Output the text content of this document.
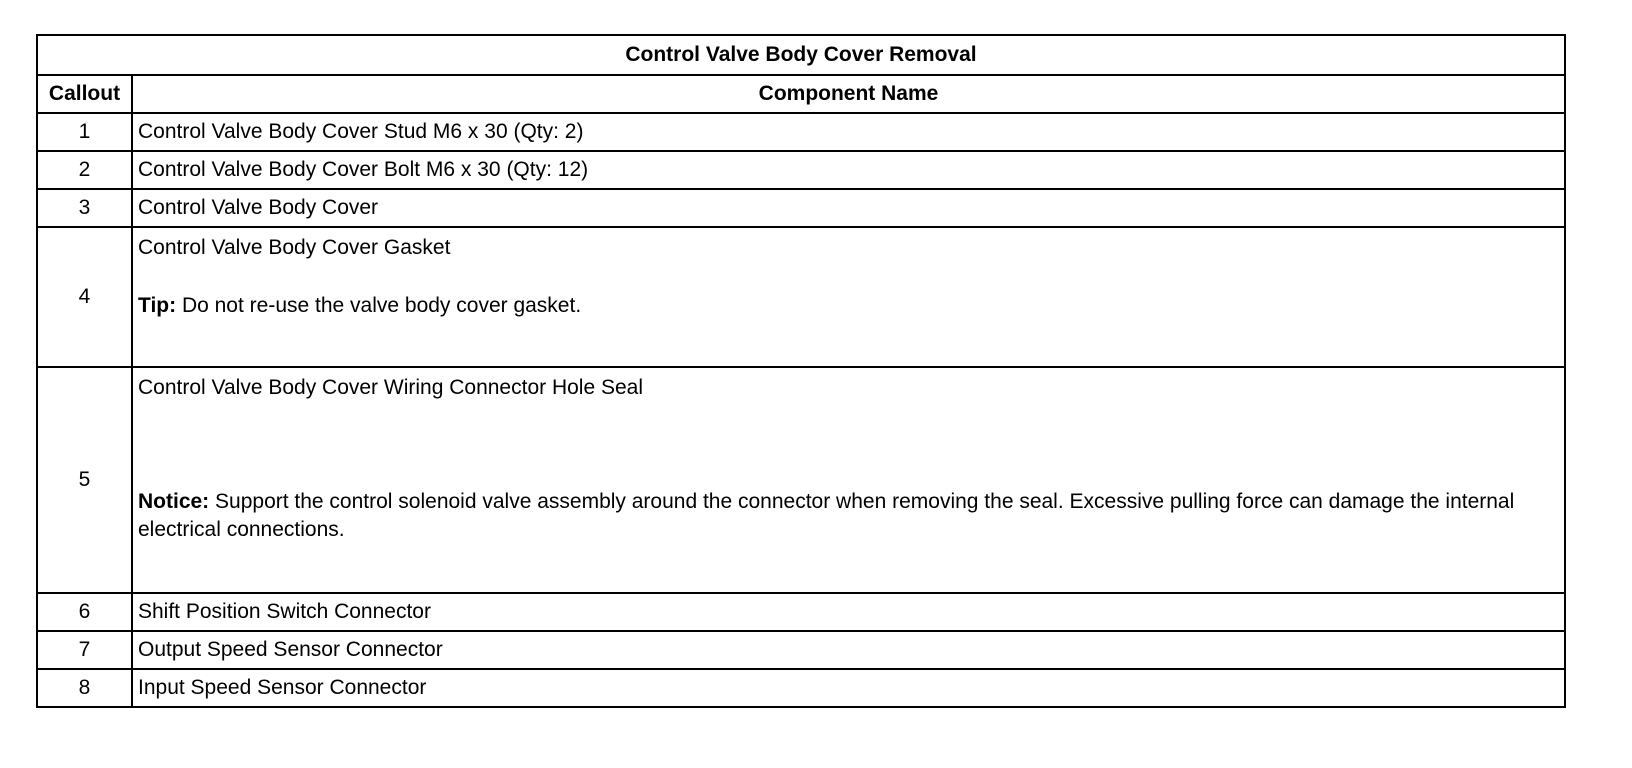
Control Valve Body Cover Removal	
Callout	Component Name
1	Control Valve Body Cover Stud M6 x 30 (Qty: 2)
2	Control Valve Body Cover Bolt M6 x 30 (Qty: 12)
3	Control Valve Body Cover
4	Control Valve Body Cover Gasket
Tip: Do not re-use the valve body cover gasket.

5	Control Valve Body Cover Wiring Connector Hole Seal
Notice: Support the control solenoid valve assembly around the connector when removing the seal. Excessive pulling force can damage the internal electrical connections.

6	Shift Position Switch Connector
7	Output Speed Sensor Connector
8	Input Speed Sensor Connector
